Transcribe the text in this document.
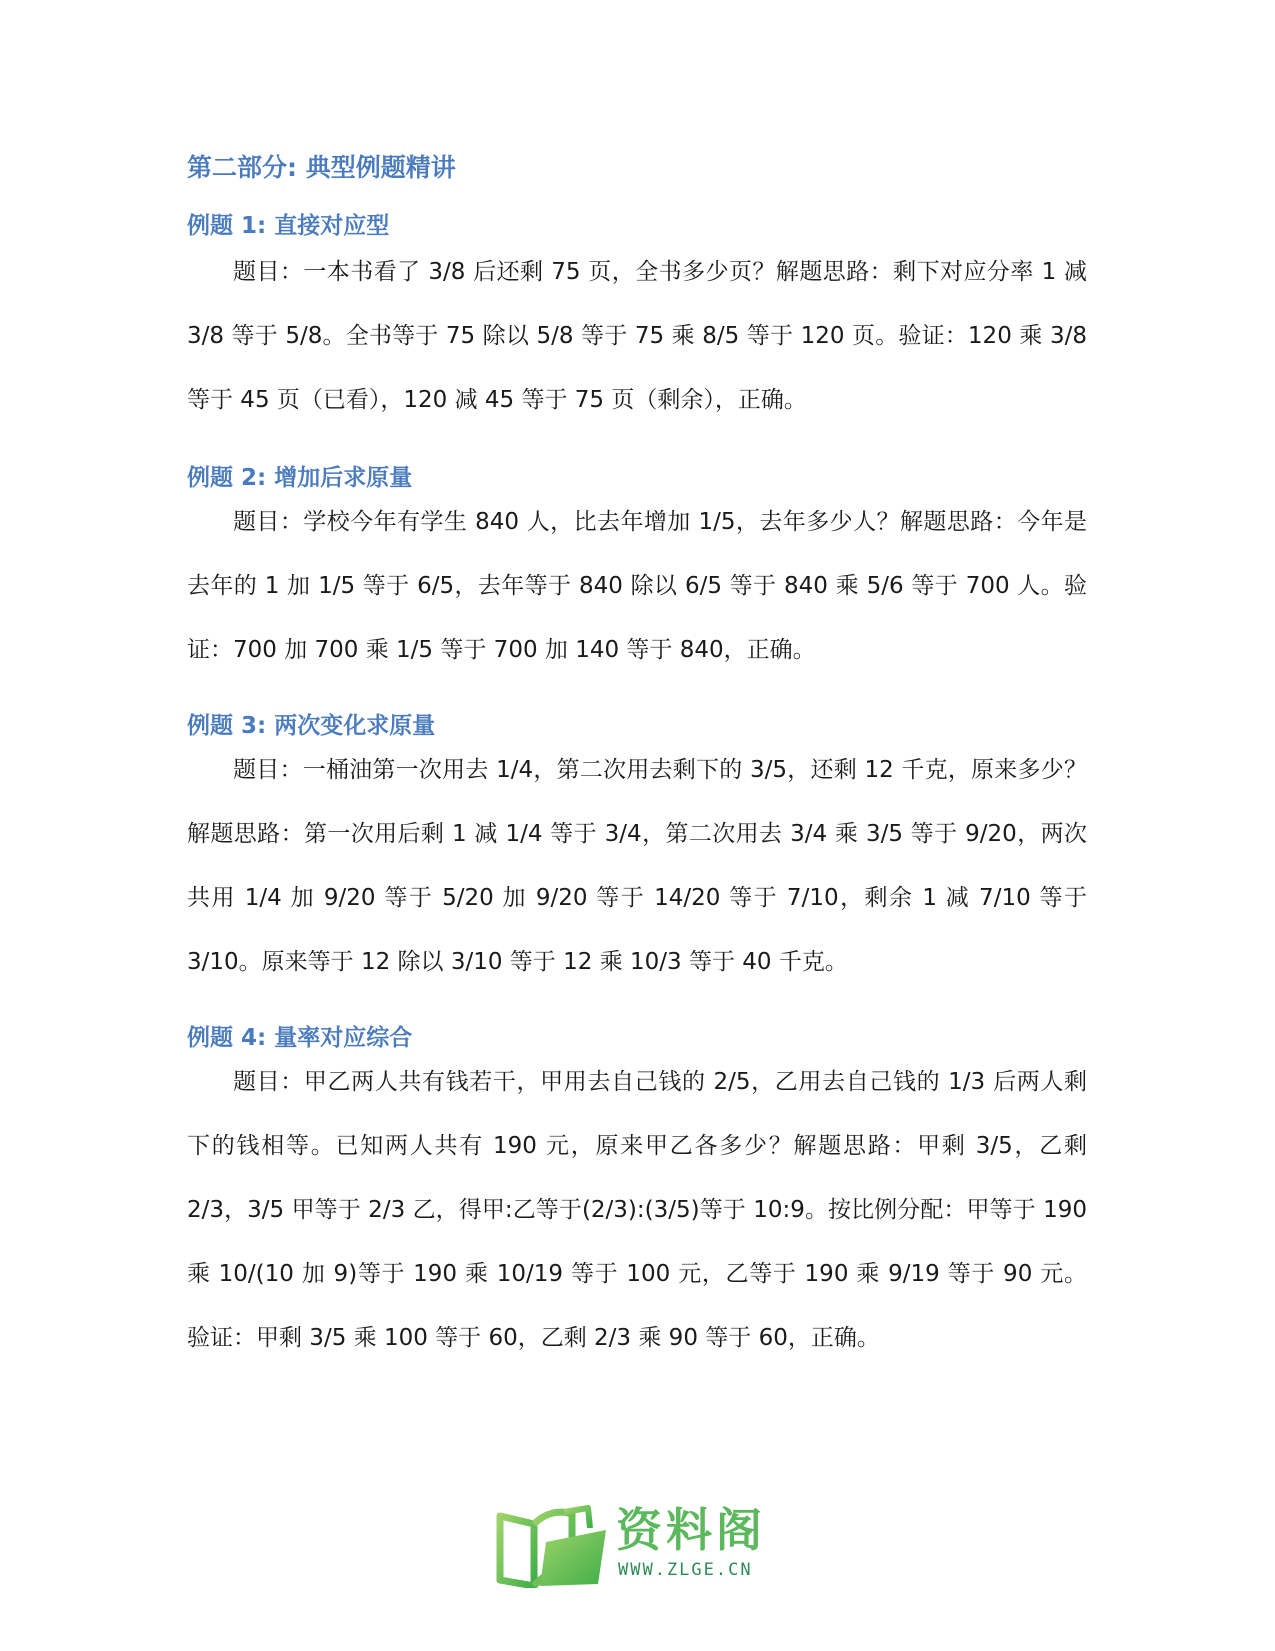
第二部分: 典型例题精讲
例题 1: 直接对应型

题目：一本书看了 3/8 后还剩 75 页，全书多少页？解题思路：剩下对应分率 1 减 3/8 等于 5/8。全书等于 75 除以 5/8 等于 75 乘 8/5 等于 120 页。验证：120 乘 3/8 等于 45 页（已看），120 减 45 等于 75 页（剩余），正确。

例题 2: 增加后求原量

题目：学校今年有学生 840 人，比去年增加 1/5，去年多少人？解题思路：今年是去年的 1 加 1/5 等于 6/5，去年等于 840 除以 6/5 等于 840 乘 5/6 等于 700 人。验证：700 加 700 乘 1/5 等于 700 加 140 等于 840，正确。

例题 3: 两次变化求原量

题目：一桶油第一次用去 1/4，第二次用去剩下的 3/5，还剩 12 千克，原来多少？解题思路：第一次用后剩 1 减 1/4 等于 3/4，第二次用去 3/4 乘 3/5 等于 9/20，两次共用 1/4 加 9/20 等于 5/20 加 9/20 等于 14/20 等于 7/10，剩余 1 减 7/10 等于 3/10。原来等于 12 除以 3/10 等于 12 乘 10/3 等于 40 千克。

例题 4: 量率对应综合

题目：甲乙两人共有钱若干，甲用去自己钱的 2/5，乙用去自己钱的 1/3 后两人剩下的钱相等。已知两人共有 190 元，原来甲乙各多少？解题思路：甲剩 3/5，乙剩 2/3，3/5 甲等于 2/3 乙，得甲:乙等于(2/3):(3/5)等于 10:9。按比例分配：甲等于 190 乘 10/(10 加 9)等于 190 乘 10/19 等于 100 元，乙等于 190 乘 9/19 等于 90 元。验证：甲剩 3/5 乘 100 等于 60，乙剩 2/3 乘 90 等于 60，正确。

资料阁
WWW.ZLGE.CN
